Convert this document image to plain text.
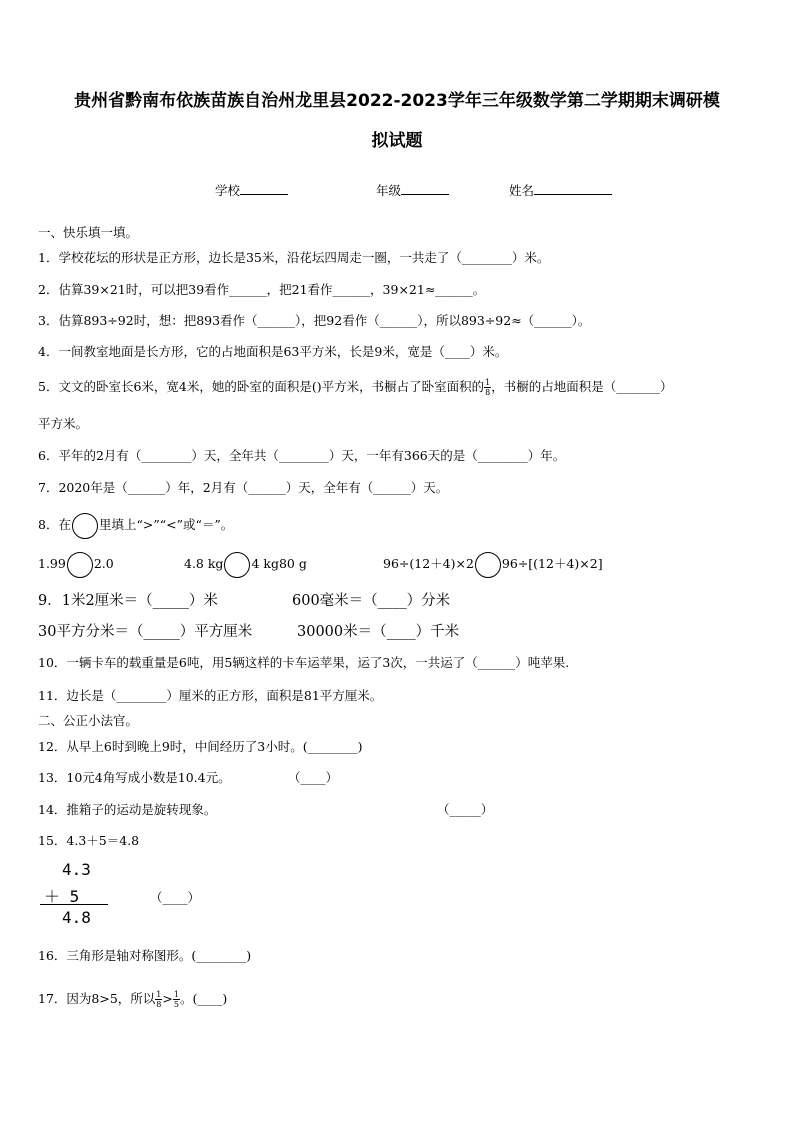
贵州省黔南布依族苗族自治州龙里县2022-2023学年三年级数学第二学期期末调研模
拟试题
学校	年级	姓名
一、快乐填一填。
1．学校花坛的形状是正方形，边长是35米，沿花坛四周走一圈，一共走了（________）米。
2．估算39×21时，可以把39看作______，把21看作______，39×21≈______。
3．估算893÷92时，想：把893看作（______），把92看作（______），所以893÷92≈（______）。
4．一间教室地面是长方形，它的占地面积是63平方米，长是9米，宽是（____）米。
5．文文的卧室长6米，宽4米，她的卧室的面积是()平方米，书橱占了卧室面积的 $\frac{1}{8}$ ，书橱的占地面积是（_______）
平方米。
6．平年的2月有（________）天，全年共（________）天，一年有366天的是（________）年。
7．2020年是（______）年，2月有（______）天，全年有（______）天。
8．在 里填上“>”“<”或“＝”。
1.99 2.0	4.8 kg 4 kg80 g	96÷(12＋4)×2 96÷[(12＋4)×2]
9．1米2厘米＝（_____）米	600毫米＝（____）分米
30平方分米＝（_____）平方厘米	30000米＝（____）千米
10．一辆卡车的载重量是6吨，用5辆这样的卡车运苹果，运了3次，一共运了（______）吨苹果.
11．边长是（________）厘米的正方形，面积是81平方厘米。
二、公正小法官。
12．从早上6时到晚上9时，中间经历了3小时。(________)
13．10元4角写成小数是10.4元。	（____）
14．推箱子的运动是旋转现象。	（_____）
15．4.3＋5＝4.8
4.3
＋ 5
4.8
（____）
16．三角形是轴对称图形。(________)
17．因为8>5，所以 $\frac{1}{8} > \frac{1}{5}$ 。(____)
